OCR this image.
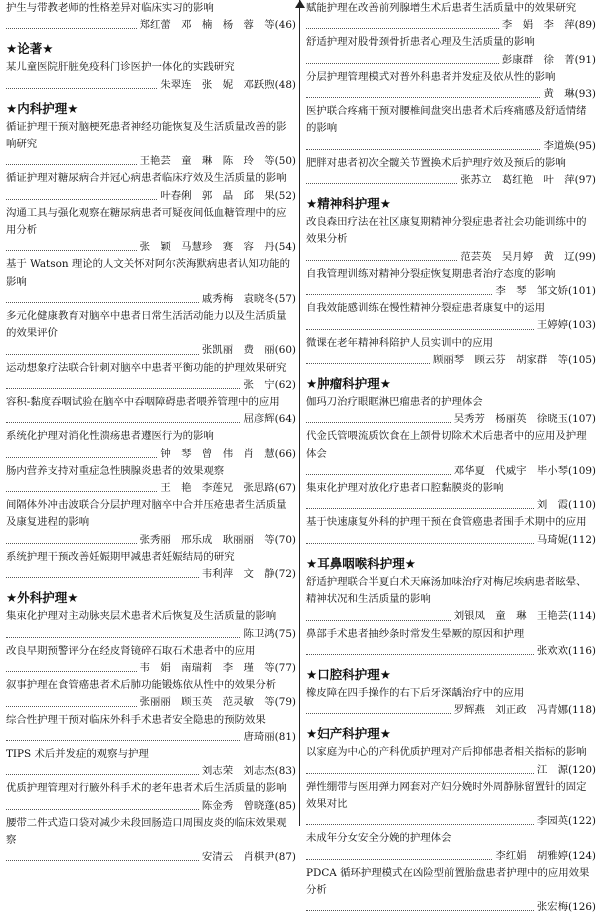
护生与带教老师的性格差异对临床实习的影响
郑红蕾　邓　楠　杨　蓉　等(46)
★论著★
某儿童医院肝脏免疫科门诊医护一体化的实践研究
朱翠连　张　妮　邓跃煦(48)
★内科护理★
循证护理干预对脑梗死患者神经功能恢复及生活质量改善的影响研究
王艳芸　童　琳　陈　玲　等(50)
循证护理对糖尿病合并冠心病患者临床疗效及生活质量的影响
叶春俐　郭　晶　邱　果(52)
沟通工具与强化观察在糖尿病患者可疑夜间低血糖管理中的应用分析
张　颖　马慧珍　赛　容　丹(54)
基于 Watson 理论的人文关怀对阿尔茨海默病患者认知功能的影响
戚秀梅　袁晓冬(57)
多元化健康教育对脑卒中患者日常生活活动能力以及生活质量的效果评价
张凯丽　费　丽(60)
运动想象疗法联合针刺对脑卒中患者平衡功能的护理效果研究
张　宁(62)
容积-黏度吞咽试验在脑卒中吞咽障碍患者喂养管理中的应用
屈彦辉(64)
系统化护理对消化性溃疡患者遵医行为的影响
钟　琴　曾　伟　肖　慧(66)
肠内营养支持对重症急性胰腺炎患者的效果观察
王　艳　李莲兄　张思路(67)
间隔体外冲击波联合分层护理对脑卒中合并压疮患者生活质量及康复进程的影响
张秀丽　邢乐成　耿丽丽　等(70)
系统护理干预改善妊娠期甲减患者妊娠结局的研究
韦利萍　文　静(72)
★外科护理★
集束化护理对主动脉夹层术患者术后恢复及生活质量的影响
陈卫鸿(75)
改良早期预警评分在经皮肾镜碎石取石术患者中的应用
韦　娟　南瑞莉　李　瑾　等(77)
叙事护理在食管癌患者术后肺功能锻炼依从性中的效果分析
张丽丽　顾玉英　范灵敏　等(79)
综合性护理干预对临床外科手术患者安全隐患的预防效果
唐琦丽(81)
TIPS 术后并发症的观察与护理
刘志荣　刘志杰(83)
优质护理管理对行腋外科手术的老年患者术后生活质量的影响
陈金秀　曾晓蓬(85)
腰带二件式造口袋对减少未段回肠造口周围皮炎的临床效果观察
安清云　肖棋尹(87)
赋能护理在改善前列腺增生术后患者生活质量中的效果研究
李　娟　李　萍(89)
舒适护理对股骨颈骨折患者心理及生活质量的影响
彭康群　徐　菁(91)
分层护理管理模式对普外科患者并发症及依从性的影响
黄　琳(93)
医护联合疼痛干预对腰椎间盘突出患者术后疼痛感及舒适情绪的影响
李道焕(95)
肥胖对患者初次全髋关节置换术后护理疗效及预后的影响
张苏立　葛红艳　叶　萍(97)
★精神科护理★
改良森田疗法在社区康复期精神分裂症患者社会功能训练中的效果分析
范芸英　吴月婷　黄　辽(99)
自我管理训练对精神分裂症恢复期患者治疗态度的影响
李　琴　邹文娇(101)
自我效能感训练在慢性精神分裂症患者康复中的运用
王婷婷(103)
微课在老年精神科陪护人员实训中的应用
顾丽琴　顾云芬　胡家群　等(105)
★肿瘤科护理★
伽玛刀治疗眼眶淋巴瘤患者的护理体会
吴秀芳　杨丽英　徐晓玉(107)
代金氏管喂流质饮食在上颌骨切除术术后患者中的应用及护理体会
邓华夏　代威宇　毕小琴(109)
集束化护理对放化疗患者口腔黏膜炎的影响
刘　霞(110)
基于快速康复外科的护理干预在食管癌患者围手术期中的应用
马琦妮(112)
★耳鼻咽喉科护理★
舒适护理联合半夏白术天麻汤加味治疗对梅尼埃病患者眩晕、精神状况和生活质量的影响
刘银凤　童　琳　王艳芸(114)
鼻部手术患者抽纱条时常发生晕厥的原因和护理
张欢欢(116)
★口腔科护理★
橡皮障在四手操作的右下后牙深龋治疗中的应用
罗辉燕　刘正政　冯青娜(118)
★妇产科护理★
以家庭为中心的产科优质护理对产后抑郁患者相关指标的影响
江　源(120)
弹性绷带与医用弹力网套对产妇分娩时外周静脉留置针的固定效果对比
李园英(122)
未成年分女安全分娩的护理体会
李红娟　胡雅婷(124)
PDCA 循环护理模式在凶险型前置胎盘患者护理中的应用效果分析
张宏梅(126)
